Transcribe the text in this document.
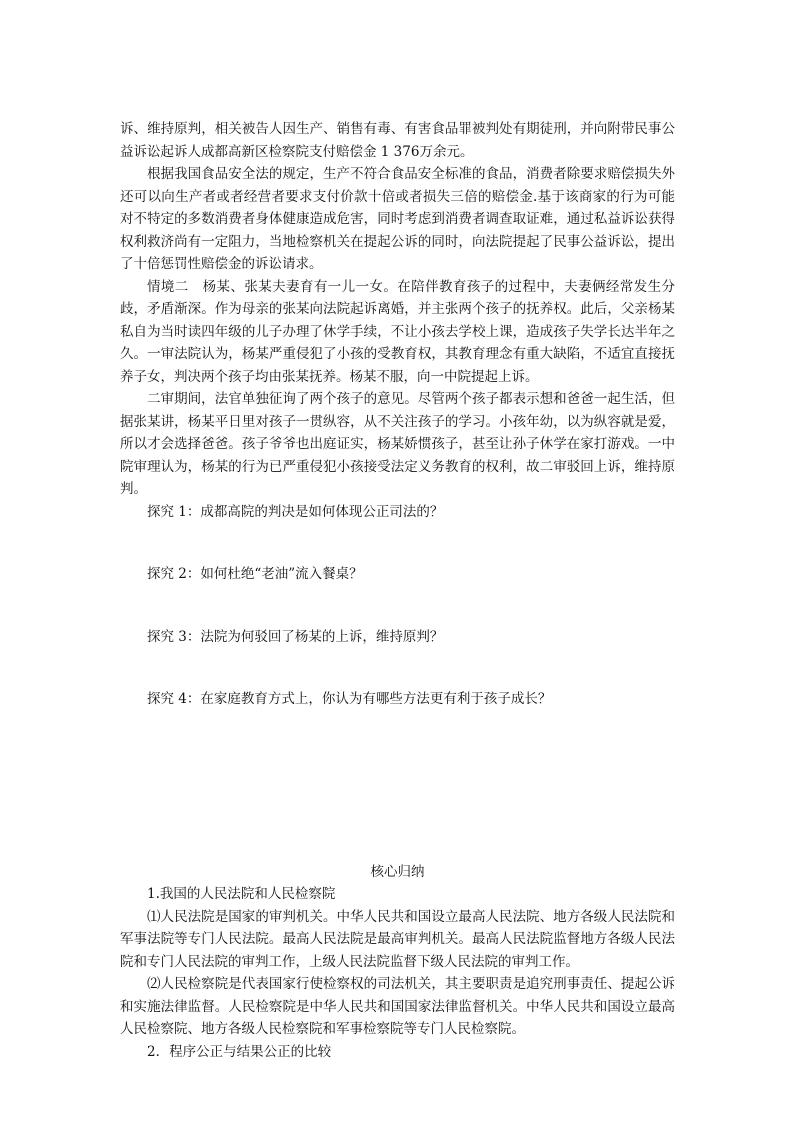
诉、维持原判，相关被告人因生产、销售有毒、有害食品罪被判处有期徒刑，并向附带民事公益诉讼起诉人成都高新区检察院支付赔偿金 1 376万余元。

根据我国食品安全法的规定，生产不符合食品安全标准的食品，消费者除要求赔偿损失外还可以向生产者或者经营者要求支付价款十倍或者损失三倍的赔偿金.基于该商家的行为可能对不特定的多数消费者身体健康造成危害，同时考虑到消费者调查取证难，通过私益诉讼获得权利救济尚有一定阻力，当地检察机关在提起公诉的同时，向法院提起了民事公益诉讼，提出了十倍惩罚性赔偿金的诉讼请求。

情境二　杨某、张某夫妻育有一儿一女。在陪伴教育孩子的过程中，夫妻俩经常发生分歧，矛盾渐深。作为母亲的张某向法院起诉离婚，并主张两个孩子的抚养权。此后，父亲杨某私自为当时读四年级的儿子办理了休学手续，不让小孩去学校上课，造成孩子失学长达半年之久。一审法院认为，杨某严重侵犯了小孩的受教育权，其教育理念有重大缺陷，不适宜直接抚养子女，判决两个孩子均由张某抚养。杨某不服，向一中院提起上诉。

二审期间，法官单独征询了两个孩子的意见。尽管两个孩子都表示想和爸爸一起生活，但据张某讲，杨某平日里对孩子一贯纵容，从不关注孩子的学习。小孩年幼，以为纵容就是爱，所以才会选择爸爸。孩子爷爷也出庭证实，杨某娇惯孩子，甚至让孙子休学在家打游戏。一中院审理认为，杨某的行为已严重侵犯小孩接受法定义务教育的权利，故二审驳回上诉，维持原判。

探究 1：成都高院的判决是如何体现公正司法的？

探究 2：如何杜绝“老油”流入餐桌？

探究 3：法院为何驳回了杨某的上诉，维持原判？

探究 4：在家庭教育方式上，你认为有哪些方法更有利于孩子成长？

核心归纳

1.我国的人民法院和人民检察院

⑴人民法院是国家的审判机关。中华人民共和国设立最高人民法院、地方各级人民法院和军事法院等专门人民法院。最高人民法院是最高审判机关。最高人民法院监督地方各级人民法院和专门人民法院的审判工作，上级人民法院监督下级人民法院的审判工作。

⑵人民检察院是代表国家行使检察权的司法机关，其主要职责是追究刑事责任、提起公诉和实施法律监督。人民检察院是中华人民共和国国家法律监督机关。中华人民共和国设立最高人民检察院、地方各级人民检察院和军事检察院等专门人民检察院。

2．程序公正与结果公正的比较
